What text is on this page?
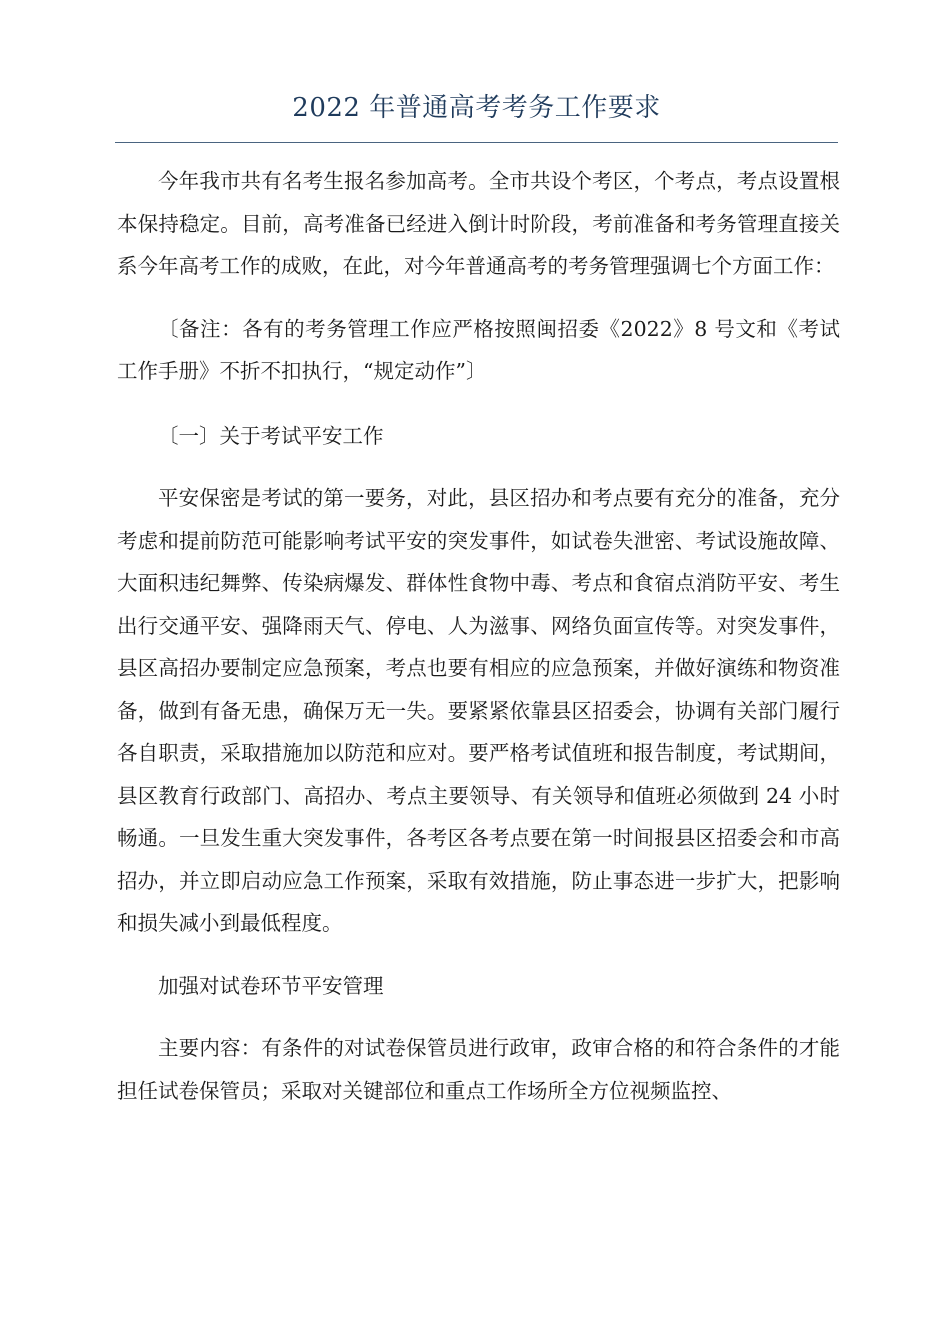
2022 年普通高考考务工作要求

今年我市共有名考生报名参加高考。全市共设个考区，个考点，考点设置根本保持稳定。目前，高考准备已经进入倒计时阶段，考前准备和考务管理直接关系今年高考工作的成败，在此，对今年普通高考的考务管理强调七个方面工作：

〔备注：各有的考务管理工作应严格按照闽招委《2022》8 号文和《考试工作手册》不折不扣执行，“规定动作”〕

〔一〕关于考试平安工作

平安保密是考试的第一要务，对此，县区招办和考点要有充分的准备，充分考虑和提前防范可能影响考试平安的突发事件，如试卷失泄密、考试设施故障、大面积违纪舞弊、传染病爆发、群体性食物中毒、考点和食宿点消防平安、考生出行交通平安、强降雨天气、停电、人为滋事、网络负面宣传等。对突发事件，县区高招办要制定应急预案，考点也要有相应的应急预案，并做好演练和物资准备，做到有备无患，确保万无一失。要紧紧依靠县区招委会，协调有关部门履行各自职责，采取措施加以防范和应对。要严格考试值班和报告制度，考试期间，县区教育行政部门、高招办、考点主要领导、有关领导和值班必须做到 24 小时畅通。一旦发生重大突发事件，各考区各考点要在第一时间报县区招委会和市高招办，并立即启动应急工作预案，采取有效措施，防止事态进一步扩大，把影响和损失减小到最低程度。

加强对试卷环节平安管理

主要内容：有条件的对试卷保管员进行政审，政审合格的和符合条件的才能担任试卷保管员；采取对关键部位和重点工作场所全方位视频监控、
